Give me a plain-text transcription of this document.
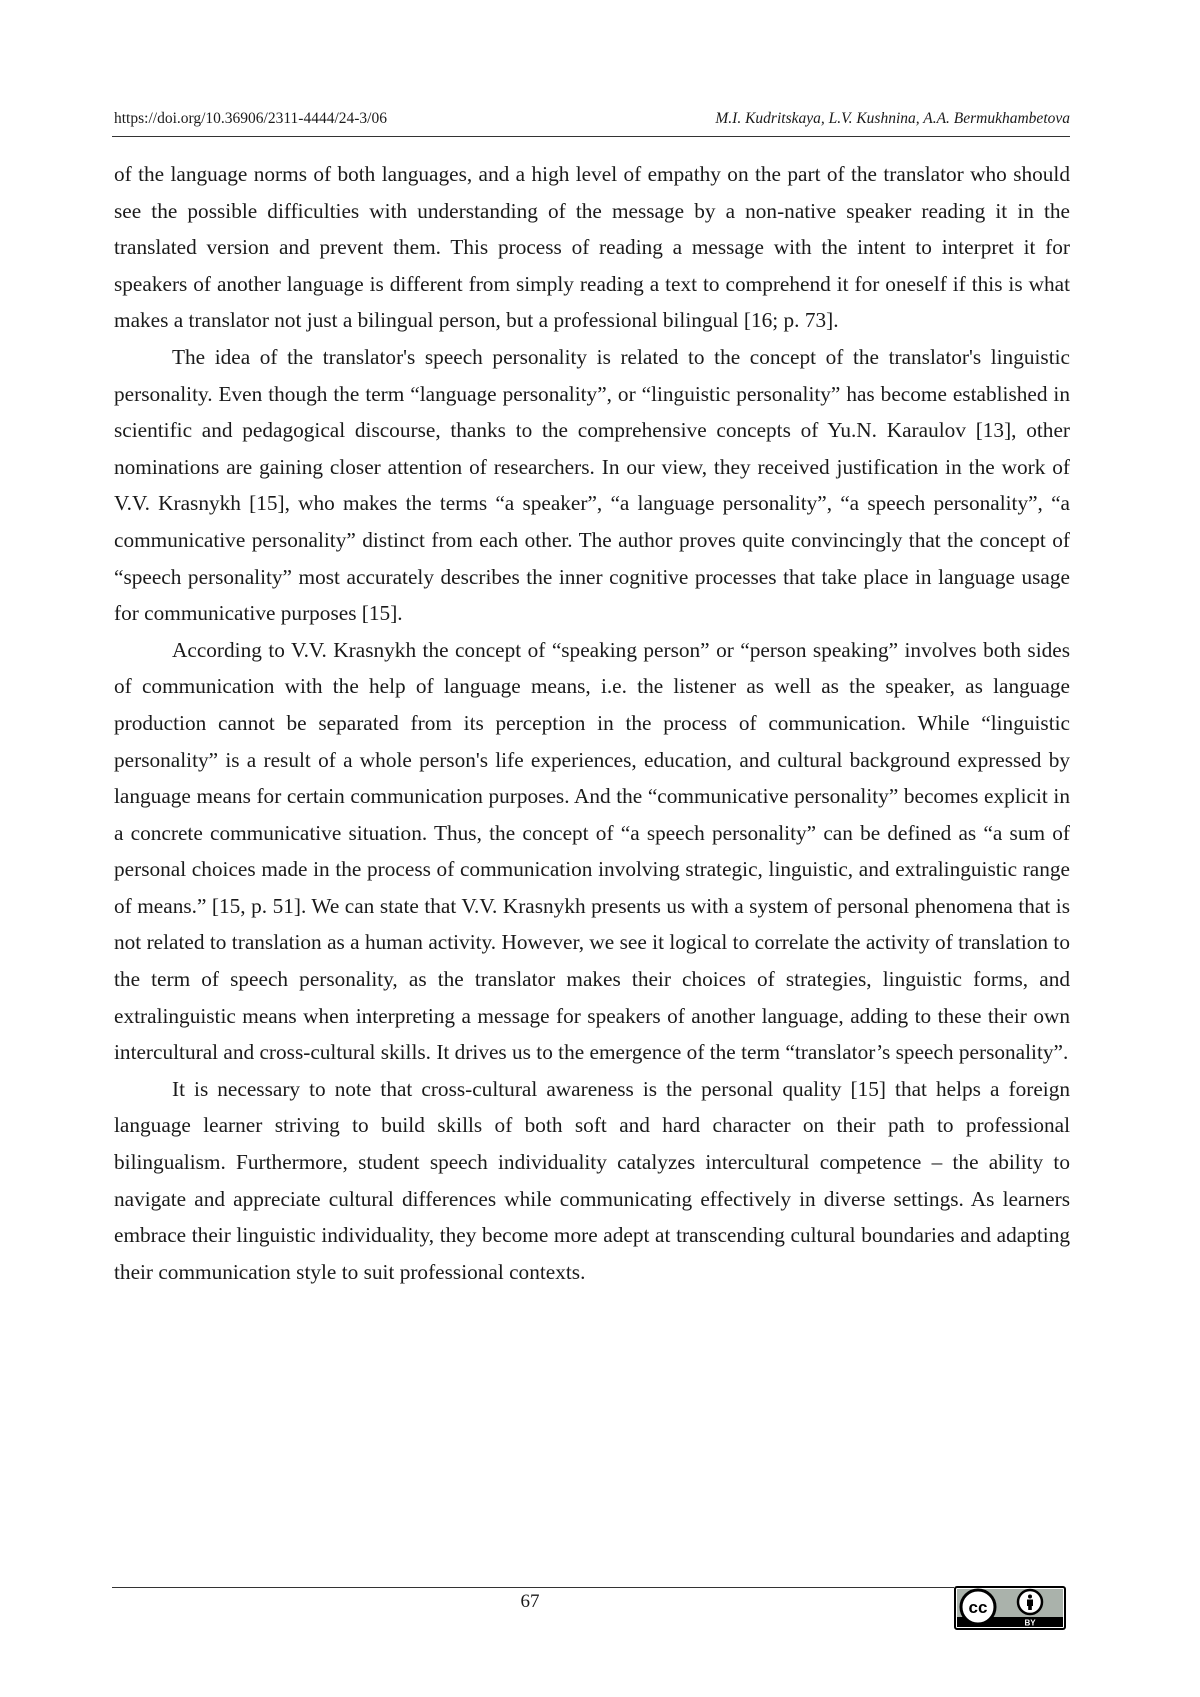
https://doi.org/10.36906/2311-4444/24-3/06	M.I. Kudritskaya, L.V. Kushnina, A.A. Bermukhambetova

of the language norms of both languages, and a high level of empathy on the part of the translator who should see the possible difficulties with understanding of the message by a non-native speaker reading it in the translated version and prevent them. This process of reading a message with the intent to interpret it for speakers of another language is different from simply reading a text to comprehend it for oneself if this is what makes a translator not just a bilingual person, but a professional bilingual [16; p. 73].

The idea of the translator's speech personality is related to the concept of the translator's linguistic personality. Even though the term “language personality”, or “linguistic personality” has become established in scientific and pedagogical discourse, thanks to the comprehensive concepts of Yu.N. Karaulov [13], other nominations are gaining closer attention of researchers. In our view, they received justification in the work of V.V. Krasnykh [15], who makes the terms “a speaker”, “a language personality”, “a speech personality”, “a communicative personality” distinct from each other. The author proves quite convincingly that the concept of “speech personality” most accurately describes the inner cognitive processes that take place in language usage for communicative purposes [15].

According to V.V. Krasnykh the concept of “speaking person” or “person speaking” involves both sides of communication with the help of language means, i.e. the listener as well as the speaker, as language production cannot be separated from its perception in the process of communication. While “linguistic personality” is a result of a whole person's life experiences, education, and cultural background expressed by language means for certain communication purposes. And the “communicative personality” becomes explicit in a concrete communicative situation. Thus, the concept of “a speech personality” can be defined as “a sum of personal choices made in the process of communication involving strategic, linguistic, and extralinguistic range of means.” [15, p. 51]. We can state that V.V. Krasnykh presents us with a system of personal phenomena that is not related to translation as a human activity. However, we see it logical to correlate the activity of translation to the term of speech personality, as the translator makes their choices of strategies, linguistic forms, and extralinguistic means when interpreting a message for speakers of another language, adding to these their own intercultural and cross-cultural skills. It drives us to the emergence of the term “translator’s speech personality”.

It is necessary to note that cross-cultural awareness is the personal quality [15] that helps a foreign language learner striving to build skills of both soft and hard character on their path to professional bilingualism. Furthermore, student speech individuality catalyzes intercultural competence – the ability to navigate and appreciate cultural differences while communicating effectively in diverse settings. As learners embrace their linguistic individuality, they become more adept at transcending cultural boundaries and adapting their communication style to suit professional contexts.

67	cc
BY
